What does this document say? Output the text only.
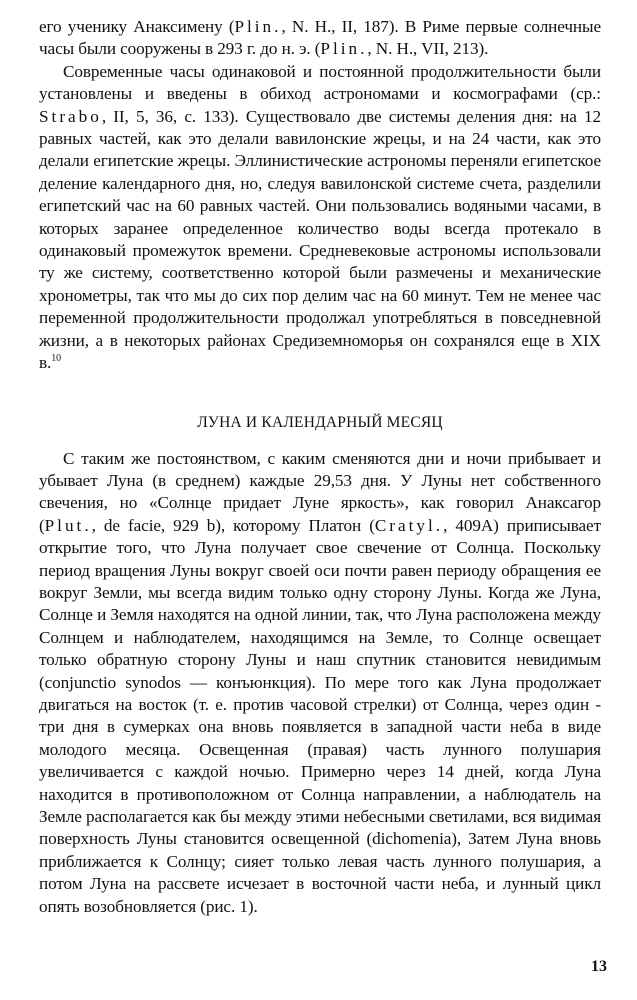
его ученику Анаксимену (Plin., N. H., II, 187). В Риме первые солнечные часы были сооружены в 293 г. до н. э. (Plin., N. H., VII, 213).

Современные часы одинаковой и постоянной продолжительности были установлены и введены в обиход астрономами и космографами (ср.: Strabo, II, 5, 36, с. 133). Существовало две системы деления дня: на 12 равных частей, как это делали вавилонские жрецы, и на 24 части, как это делали египетские жрецы. Эллинистические астрономы переняли египетское деление календарного дня, но, следуя вавилонской системе счета, разделили египетский час на 60 равных частей. Они пользовались водяными часами, в которых заранее определенное количество воды всегда протекало в одинаковый промежуток времени. Средневековые астрономы использовали ту же систему, соответственно которой были размечены и механические хронометры, так что мы до сих пор делим час на 60 минут. Тем не менее час переменной продолжительности продолжал употребляться в повседневной жизни, а в некоторых районах Средиземноморья он сохранялся еще в XIX в.$^{10}$

ЛУНА И КАЛЕНДАРНЫЙ МЕСЯЦ

С таким же постоянством, с каким сменяются дни и ночи прибывает и убывает Луна (в среднем) каждые 29,53 дня. У Луны нет собственного свечения, но «Солнце придает Луне яркость», как говорил Анаксагор (Plut., de facie, 929 b), которому Платон (Cratyl., 409A) приписывает открытие того, что Луна получает свое свечение от Солнца. Поскольку период вращения Луны вокруг своей оси почти равен периоду обращения ее вокруг Земли, мы всегда видим только одну сторону Луны. Когда же Луна, Солнце и Земля находятся на одной линии, так, что Луна расположена между Солнцем и наблюдателем, находящимся на Земле, то Солнце освещает только обратную сторону Луны и наш спутник становится невидимым (conjunctio synodos — конъюнкция). По мере того как Луна продолжает двигаться на восток (т. е. против часовой стрелки) от Солнца, через один - три дня в сумерках она вновь появляется в западной части неба в виде молодого месяца. Освещенная (правая) часть лунного полушария увеличивается с каждой ночью. Примерно через 14 дней, когда Луна находится в противоположном от Солнца направлении, а наблюдатель на Земле располагается как бы между этими небесными светилами, вся видимая поверхность Луны становится освещенной (dichomenia), Затем Луна вновь приближается к Солнцу; сияет только левая часть лунного полушария, а потом Луна на рассвете исчезает в восточной части неба, и лунный цикл опять возобновляется (рис. 1).

13
